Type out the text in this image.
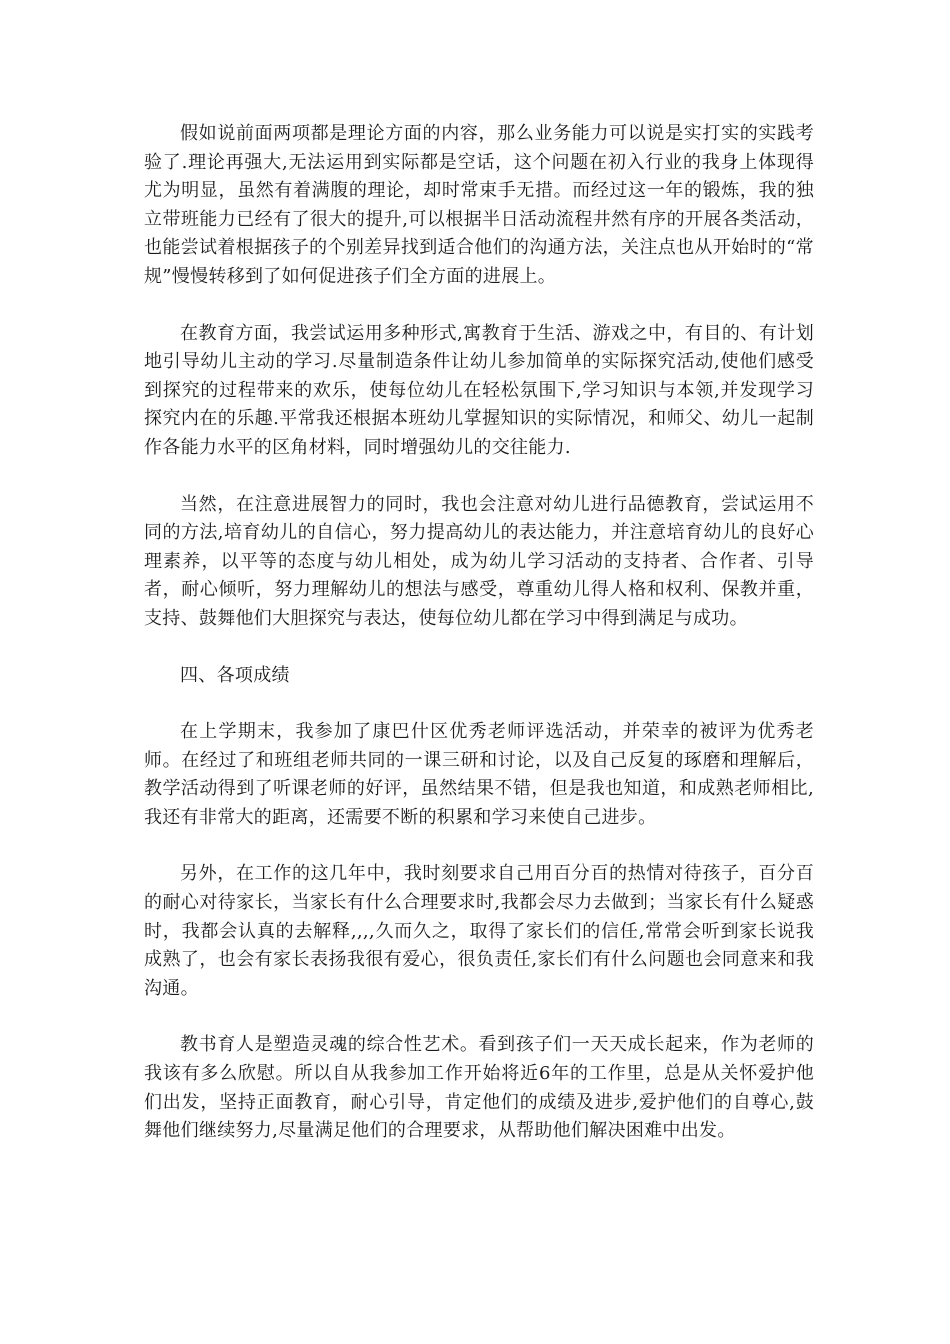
假如说前面两项都是理论方面的内容，那么业务能力可以说是实打实的实践考验了.理论再强大,无法运用到实际都是空话，这个问题在初入行业的我身上体现得尤为明显，虽然有着满腹的理论，却时常束手无措。而经过这一年的锻炼，我的独立带班能力已经有了很大的提升,可以根据半日活动流程井然有序的开展各类活动，也能尝试着根据孩子的个别差异找到适合他们的沟通方法，关注点也从开始时的“常规”慢慢转移到了如何促进孩子们全方面的进展上。

在教育方面，我尝试运用多种形式,寓教育于生活、游戏之中，有目的、有计划地引导幼儿主动的学习.尽量制造条件让幼儿参加简单的实际探究活动,使他们感受到探究的过程带来的欢乐，使每位幼儿在轻松氛围下,学习知识与本领,并发现学习探究内在的乐趣.平常我还根据本班幼儿掌握知识的实际情况，和师父、幼儿一起制作各能力水平的区角材料，同时增强幼儿的交往能力.

当然，在注意进展智力的同时，我也会注意对幼儿进行品德教育，尝试运用不同的方法,培育幼儿的自信心，努力提高幼儿的表达能力，并注意培育幼儿的良好心理素养，以平等的态度与幼儿相处，成为幼儿学习活动的支持者、合作者、引导者，耐心倾听，努力理解幼儿的想法与感受，尊重幼儿得人格和权利、保教并重，支持、鼓舞他们大胆探究与表达，使每位幼儿都在学习中得到满足与成功。

四、各项成绩

在上学期末，我参加了康巴什区优秀老师评选活动，并荣幸的被评为优秀老师。在经过了和班组老师共同的一课三研和讨论，以及自己反复的琢磨和理解后，教学活动得到了听课老师的好评，虽然结果不错，但是我也知道，和成熟老师相比,我还有非常大的距离，还需要不断的积累和学习来使自己进步。

另外，在工作的这几年中，我时刻要求自己用百分百的热情对待孩子，百分百的耐心对待家长，当家长有什么合理要求时,我都会尽力去做到；当家长有什么疑惑时，我都会认真的去解释,,,,久而久之，取得了家长们的信任,常常会听到家长说我成熟了，也会有家长表扬我很有爱心，很负责任,家长们有什么问题也会同意来和我沟通。

教书育人是塑造灵魂的综合性艺术。看到孩子们一天天成长起来，作为老师的我该有多么欣慰。所以自从我参加工作开始将近6年的工作里，总是从关怀爱护他们出发，坚持正面教育，耐心引导，肯定他们的成绩及进步,爱护他们的自尊心,鼓舞他们继续努力,尽量满足他们的合理要求，从帮助他们解决困难中出发。
